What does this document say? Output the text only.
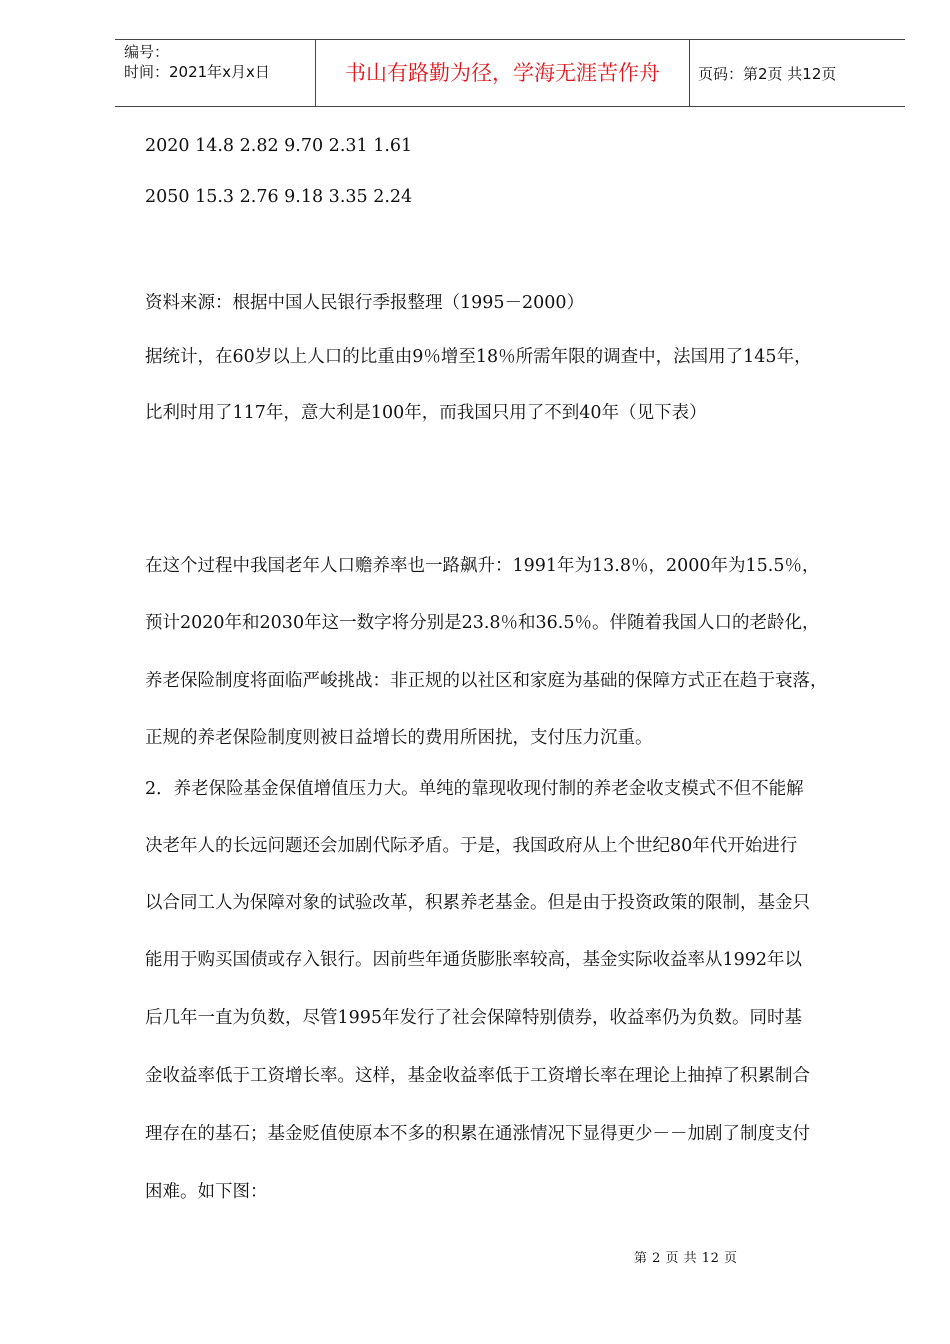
编号：
时间：2021年x月x日	书山有路勤为径，学海无涯苦作舟	页码：第2页 共12页
2020 14.8 2.82 9.70 2.31 1.61
2050 15.3 2.76 9.18 3.35 2.24
资料来源：根据中国人民银行季报整理（1995－2000）
据统计，在60岁以上人口的比重由9％增至18％所需年限的调查中，法国用了145年，
比利时用了117年，意大利是100年，而我国只用了不到40年（见下表）
在这个过程中我国老年人口赡养率也一路飙升：1991年为13.8％，2000年为15.5％，
预计2020年和2030年这一数字将分别是23.8％和36.5％。伴随着我国人口的老龄化，
养老保险制度将面临严峻挑战：非正规的以社区和家庭为基础的保障方式正在趋于衰落，
正规的养老保险制度则被日益增长的费用所困扰，支付压力沉重。
2．养老保险基金保值增值压力大。单纯的靠现收现付制的养老金收支模式不但不能解
决老年人的长远问题还会加剧代际矛盾。于是，我国政府从上个世纪80年代开始进行
以合同工人为保障对象的试验改革，积累养老基金。但是由于投资政策的限制，基金只
能用于购买国债或存入银行。因前些年通货膨胀率较高，基金实际收益率从1992年以
后几年一直为负数，尽管1995年发行了社会保障特别债券，收益率仍为负数。同时基
金收益率低于工资增长率。这样，基金收益率低于工资增长率在理论上抽掉了积累制合
理存在的基石；基金贬值使原本不多的积累在通涨情况下显得更少－－加剧了制度支付
困难。如下图：
第 2 页 共 12 页
